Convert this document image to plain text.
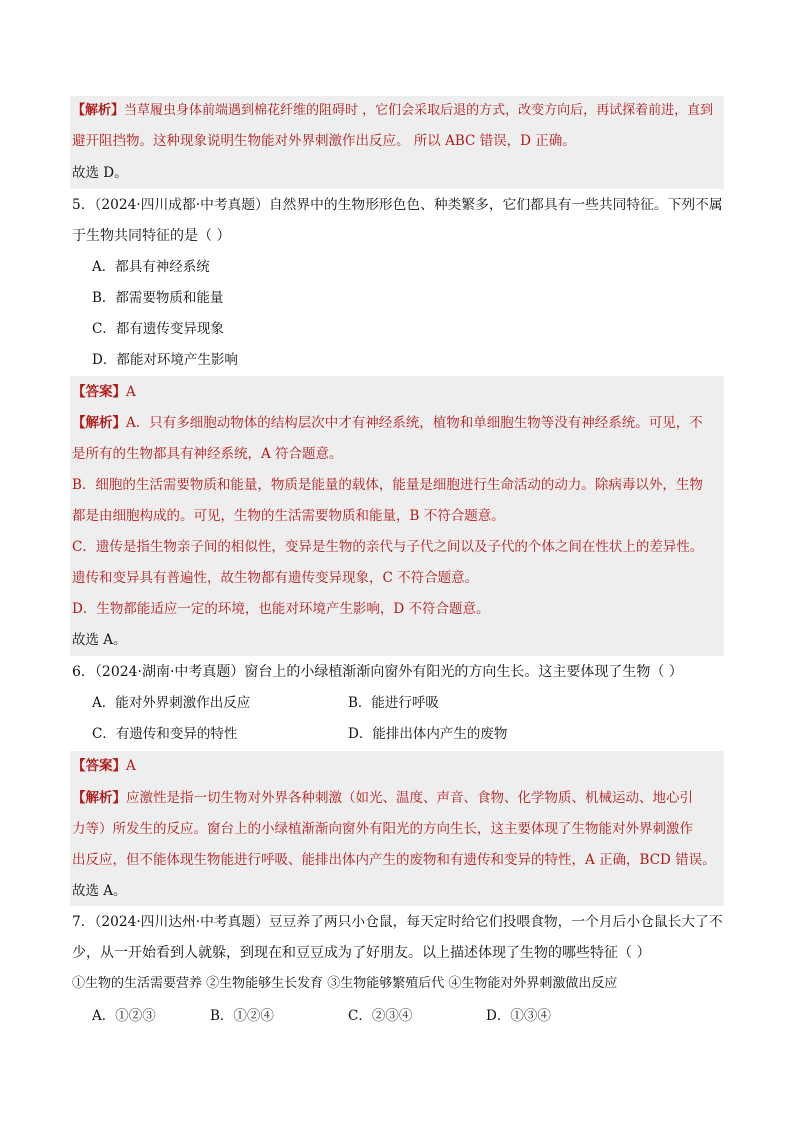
【解析】当草履虫身体前端遇到棉花纤维的阻碍时 ，它们会采取后退的方式，改变方向后，再试探着前进，直到
避开阻挡物。这种现象说明生物能对外界刺激作出反应。 所以 ABC 错误，D 正确。
故选 D。
5．（2024·四川成都·中考真题）自然界中的生物形形色色、种类繁多，它们都具有一些共同特征。下列不属
于生物共同特征的是（ ）
A．都具有神经系统
B．都需要物质和能量
C．都有遗传变异现象
D．都能对环境产生影响
【答案】A
【解析】A．只有多细胞动物体的结构层次中才有神经系统，植物和单细胞生物等没有神经系统。可见，不
是所有的生物都具有神经系统，A 符合题意。
B．细胞的生活需要物质和能量，物质是能量的载体，能量是细胞进行生命活动的动力。除病毒以外，生物
都是由细胞构成的。可见，生物的生活需要物质和能量，B 不符合题意。
C．遗传是指生物亲子间的相似性，变异是生物的亲代与子代之间以及子代的个体之间在性状上的差异性。
遗传和变异具有普遍性，故生物都有遗传变异现象，C 不符合题意。
D．生物都能适应一定的环境，也能对环境产生影响，D 不符合题意。
故选 A。
6．（2024·湖南·中考真题）窗台上的小绿植渐渐向窗外有阳光的方向生长。这主要体现了生物（ ）
A．能对外界刺激作出反应	B．能进行呼吸
C．有遗传和变异的特性	D．能排出体内产生的废物
【答案】A
【解析】应激性是指一切生物对外界各种刺激（如光、温度、声音、食物、化学物质、机械运动、地心引
力等）所发生的反应。窗台上的小绿植渐渐向窗外有阳光的方向生长，这主要体现了生物能对外界刺激作
出反应，但不能体现生物能进行呼吸、能排出体内产生的废物和有遗传和变异的特性，A 正确，BCD 错误。
故选 A。
7．（2024·四川达州·中考真题）豆豆养了两只小仓鼠，每天定时给它们投喂食物，一个月后小仓鼠长大了不
少，从一开始看到人就躲，到现在和豆豆成为了好朋友。以上描述体现了生物的哪些特征（ ）
①生物的生活需要营养 ②生物能够生长发育 ③生物能够繁殖后代 ④生物能对外界刺激做出反应
A．①②③	B．①②④	C．②③④	D．①③④
